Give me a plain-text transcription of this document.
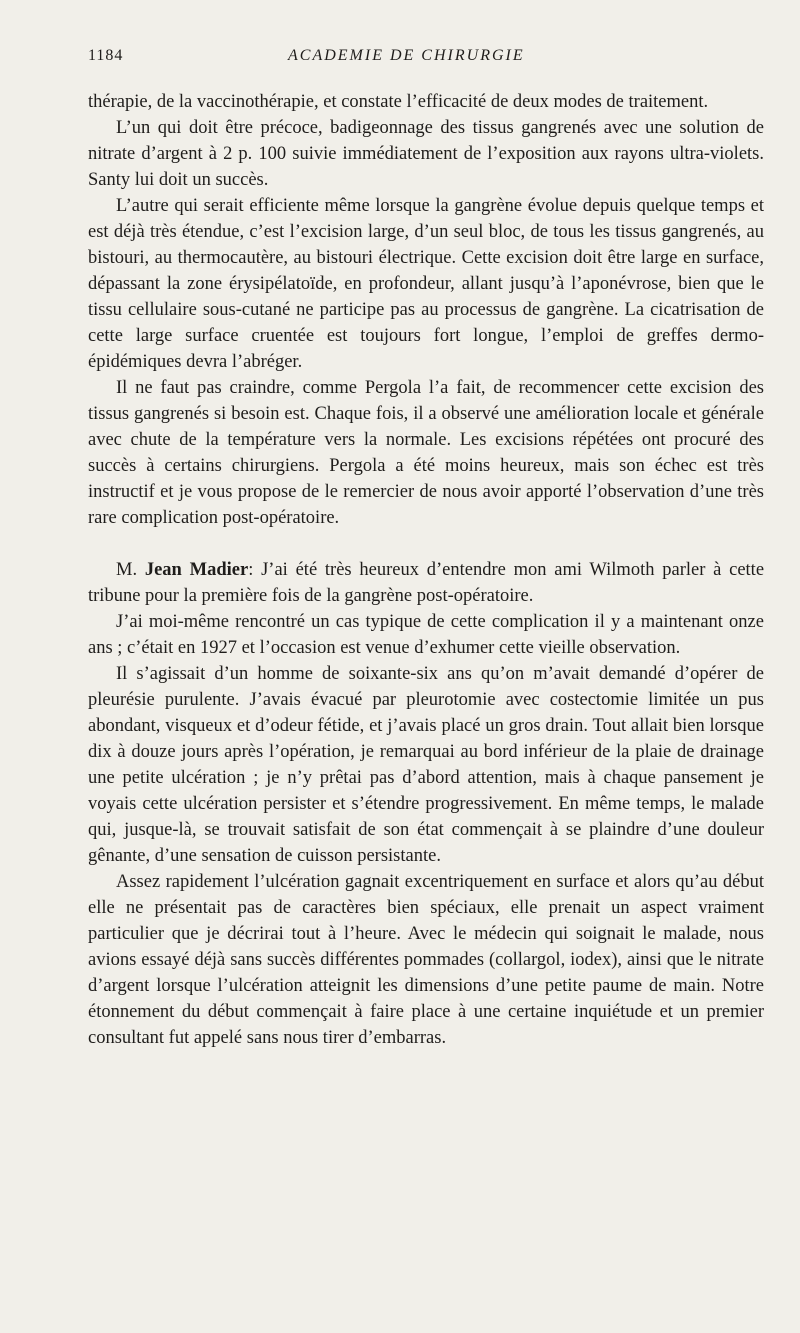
1184	ACADEMIE DE CHIRURGIE

thérapie, de la vaccinothérapie, et constate l’efficacité de deux modes de traitement.

L’un qui doit être précoce, badigeonnage des tissus gangrenés avec une solution de nitrate d’argent à 2 p. 100 suivie immédiatement de l’exposition aux rayons ultra-violets. Santy lui doit un succès.

L’autre qui serait efficiente même lorsque la gangrène évolue depuis quelque temps et est déjà très étendue, c’est l’excision large, d’un seul bloc, de tous les tissus gangrenés, au bistouri, au thermocautère, au bistouri électrique. Cette excision doit être large en surface, dépassant la zone érysipélatoïde, en profondeur, allant jusqu’à l’aponévrose, bien que le tissu cellulaire sous-cutané ne participe pas au processus de gangrène. La cicatrisation de cette large surface cruentée est toujours fort longue, l’emploi de greffes dermo-épidémiques devra l’abréger.

Il ne faut pas craindre, comme Pergola l’a fait, de recommencer cette excision des tissus gangrenés si besoin est. Chaque fois, il a observé une amélioration locale et générale avec chute de la température vers la normale. Les excisions répétées ont procuré des succès à certains chirurgiens. Pergola a été moins heureux, mais son échec est très instructif et je vous propose de le remercier de nous avoir apporté l’observation d’une très rare complication post-opératoire.

M. Jean Madier: J’ai été très heureux d’entendre mon ami Wilmoth parler à cette tribune pour la première fois de la gangrène post-opératoire.

J’ai moi-même rencontré un cas typique de cette complication il y a maintenant onze ans ; c’était en 1927 et l’occasion est venue d’exhumer cette vieille observation.

Il s’agissait d’un homme de soixante-six ans qu’on m’avait demandé d’opérer de pleurésie purulente. J’avais évacué par pleurotomie avec costectomie limitée un pus abondant, visqueux et d’odeur fétide, et j’avais placé un gros drain. Tout allait bien lorsque dix à douze jours après l’opération, je remarquai au bord inférieur de la plaie de drainage une petite ulcération ; je n’y prêtai pas d’abord attention, mais à chaque pansement je voyais cette ulcération persister et s’étendre progressivement. En même temps, le malade qui, jusque-là, se trouvait satisfait de son état commençait à se plaindre d’une douleur gênante, d’une sensation de cuisson persistante.

Assez rapidement l’ulcération gagnait excentriquement en surface et alors qu’au début elle ne présentait pas de caractères bien spéciaux, elle prenait un aspect vraiment particulier que je décrirai tout à l’heure. Avec le médecin qui soignait le malade, nous avions essayé déjà sans succès différentes pommades (collargol, iodex), ainsi que le nitrate d’argent lorsque l’ulcération atteignit les dimensions d’une petite paume de main. Notre étonnement du début commençait à faire place à une certaine inquiétude et un premier consultant fut appelé sans nous tirer d’embarras.
